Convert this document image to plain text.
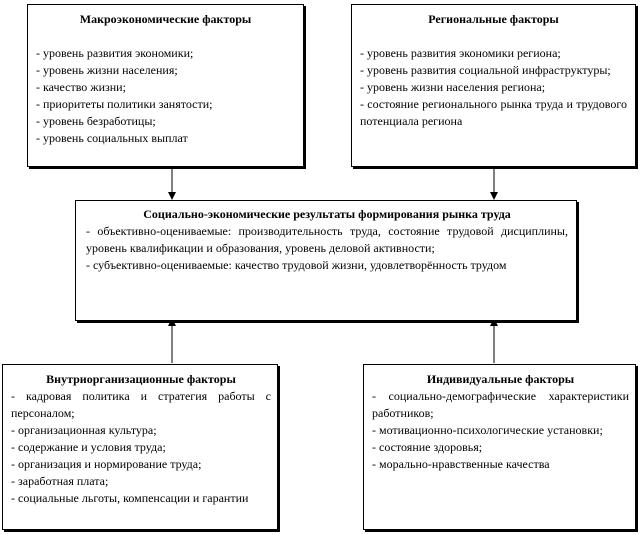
Макроэкономические факторы
- уровень развития экономики;
- уровень жизни населения;
- качество жизни;
- приоритеты политики занятости;
- уровень безработицы;
- уровень социальных выплат
Региональные факторы
- уровень развития экономики региона;
- уровень развития социальной инфраструктуры;
- уровень жизни населения региона;
- состояние регионального рынка труда и трудового потенциала региона
Социально-экономические результаты формирования рынка труда
- объективно-оцениваемые: производительность труда, состояние трудовой дисциплины, уровень квалификации и образования, уровень деловой активности;
- субъективно-оцениваемые: качество трудовой жизни, удовлетворённость трудом
Внутриорганизационные факторы
- кадровая политика и стратегия работы с персоналом;
- организационная культура;
- содержание и условия труда;
- организация и нормирование труда;
- заработная плата;
- социальные льготы, компенсации и гарантии
Индивидуальные факторы
- социально-демографические характеристики работников;
- мотивационно-психологические установки;
- состояние здоровья;
- морально-нравственные качества
